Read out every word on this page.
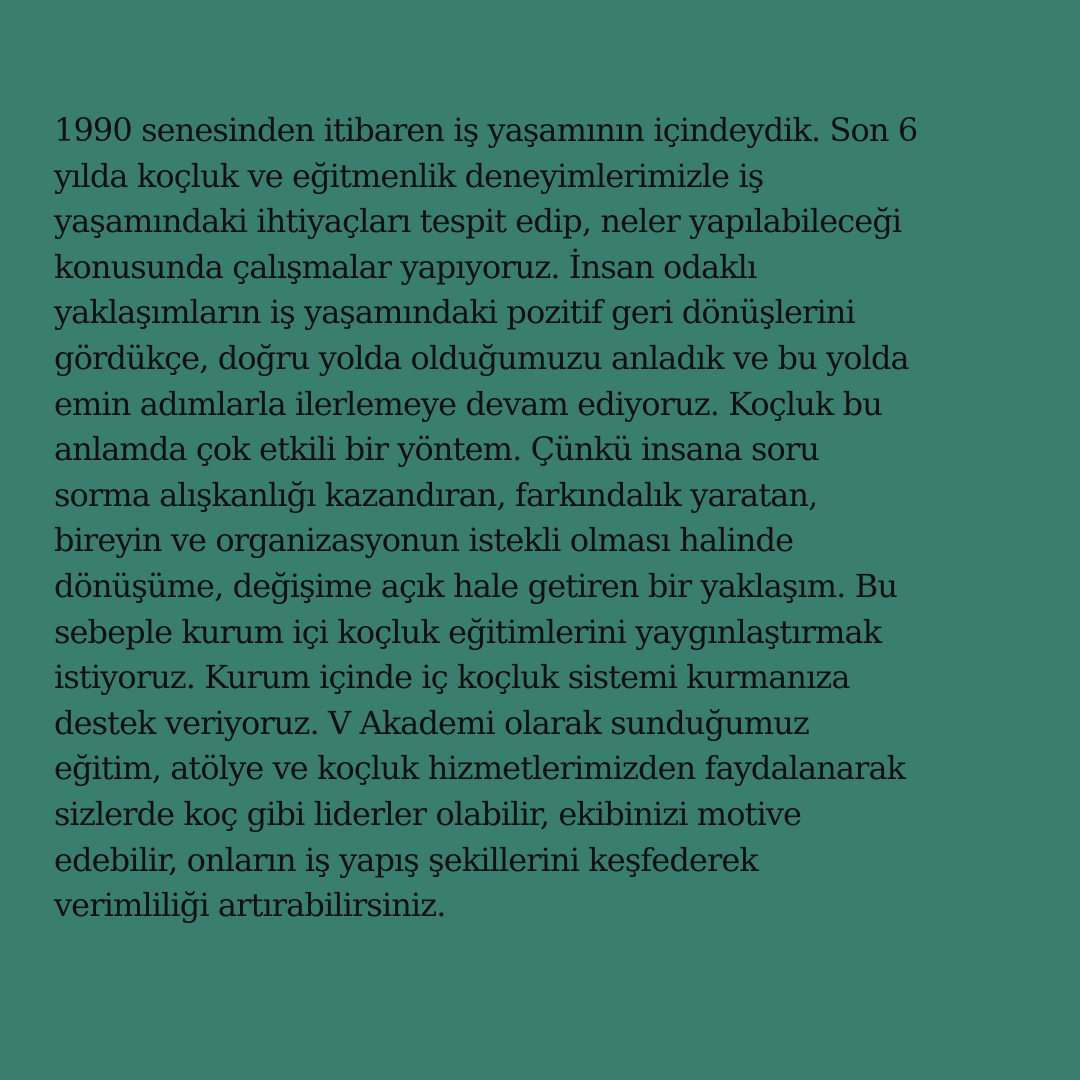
1990 senesinden itibaren iş yaşamının içindeydik. Son 6
yılda koçluk ve eğitmenlik deneyimlerimizle iş
yaşamındaki ihtiyaçları tespit edip, neler yapılabileceği
konusunda çalışmalar yapıyoruz. İnsan odaklı
yaklaşımların iş yaşamındaki pozitif geri dönüşlerini
gördükçe, doğru yolda olduğumuzu anladık ve bu yolda
emin adımlarla ilerlemeye devam ediyoruz. Koçluk bu
anlamda çok etkili bir yöntem. Çünkü insana soru
sorma alışkanlığı kazandıran, farkındalık yaratan,
bireyin ve organizasyonun istekli olması halinde
dönüşüme, değişime açık hale getiren bir yaklaşım. Bu
sebeple kurum içi koçluk eğitimlerini yaygınlaştırmak
istiyoruz. Kurum içinde iç koçluk sistemi kurmanıza
destek veriyoruz. V Akademi olarak sunduğumuz
eğitim, atölye ve koçluk hizmetlerimizden faydalanarak
sizlerde koç gibi liderler olabilir, ekibinizi motive
edebilir, onların iş yapış şekillerini keşfederek
verimliliği artırabilirsiniz.
